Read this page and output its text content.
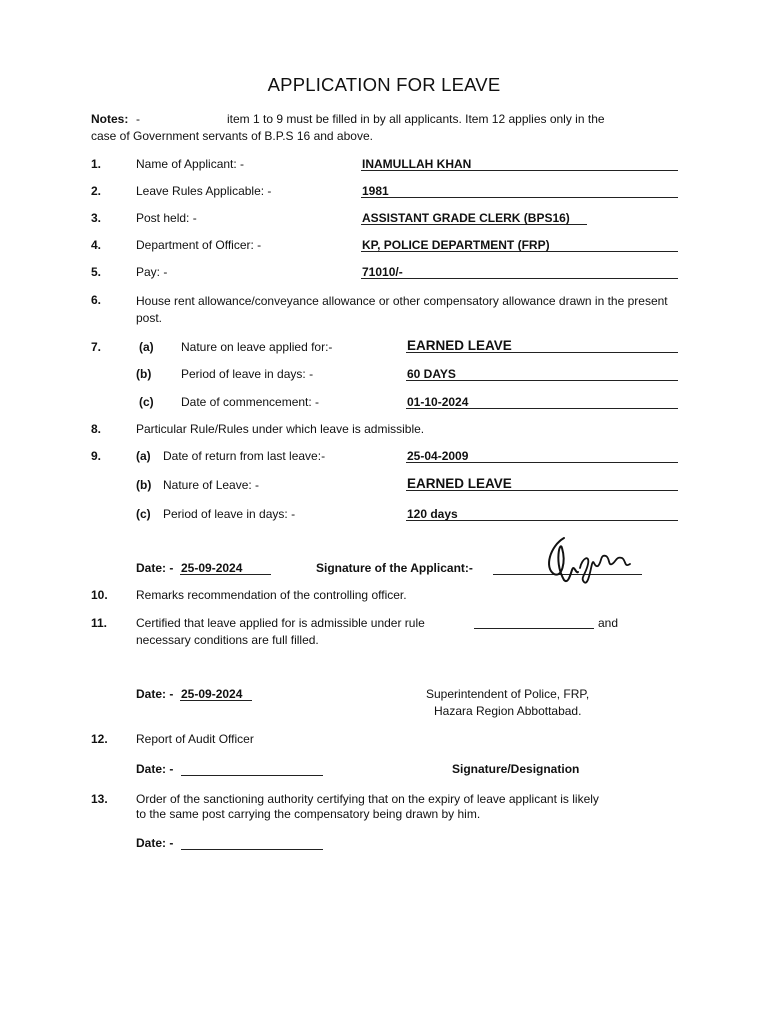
APPLICATION FOR LEAVE
Notes: -	item 1 to 9 must be filled in by all applicants. Item 12 applies only in the
case of Government servants of B.P.S 16 and above.
1.	Name of Applicant: -	INAMULLAH KHAN
2.	Leave Rules Applicable: -	1981
3.	Post held: -	ASSISTANT GRADE CLERK (BPS16)
4.	Department of Officer: -	KP, POLICE DEPARTMENT (FRP)
5.	Pay: -	71010/-
6.	House rent allowance/conveyance allowance or other compensatory allowance drawn in the present post.
7.	(a) Nature on leave applied for:-	EARNED LEAVE
(b) Period of leave in days: -	60 DAYS
(c) Date of commencement: -	01-10-2024
8.	Particular Rule/Rules under which leave is admissible.
9.	(a) Date of return from last leave:-	25-04-2009
(b) Nature of Leave: -	EARNED LEAVE
(c) Period of leave in days: -	120 days
Date: - 25-09-2024	Signature of the Applicant:-
10. Remarks recommendation of the controlling officer.
11. Certified that leave applied for is admissible under rule	and
necessary conditions are full filled.
Date: - 25-09-2024	Superintendent of Police, FRP,
Hazara Region Abbottabad.
12. Report of Audit Officer
Date: -	Signature/Designation
13. Order of the sanctioning authority certifying that on the expiry of leave applicant is likely
to the same post carrying the compensatory being drawn by him.
Date: -
